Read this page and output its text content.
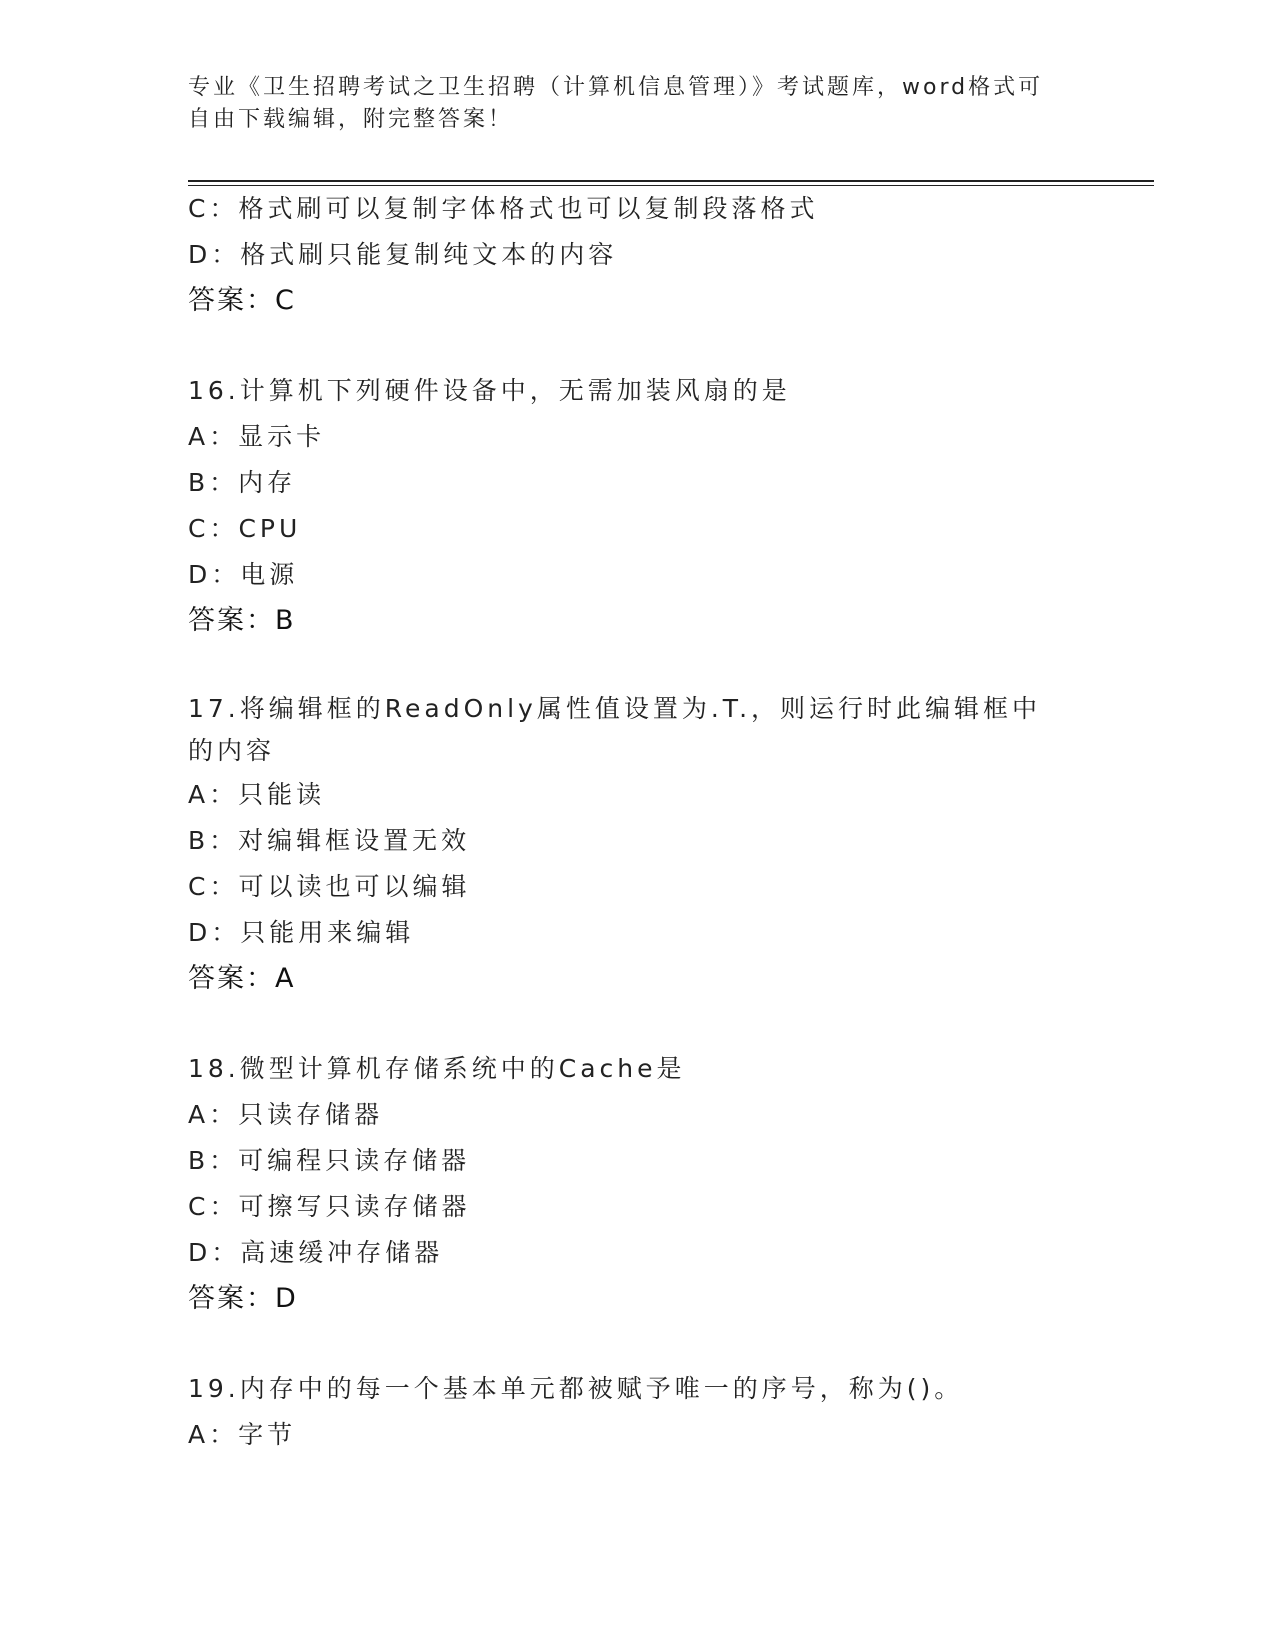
专业《卫生招聘考试之卫生招聘（计算机信息管理）》考试题库，word格式可自由下载编辑，附完整答案！
C：格式刷可以复制字体格式也可以复制段落格式
D：格式刷只能复制纯文本的内容
答案：C
16.计算机下列硬件设备中，无需加装风扇的是
A：显示卡
B：内存
C：CPU
D：电源
答案：B
17.将编辑框的ReadOnly属性值设置为.T.，则运行时此编辑框中的内容
A：只能读
B：对编辑框设置无效
C：可以读也可以编辑
D：只能用来编辑
答案：A
18.微型计算机存储系统中的Cache是
A：只读存储器
B：可编程只读存储器
C：可擦写只读存储器
D：高速缓冲存储器
答案：D
19.内存中的每一个基本单元都被赋予唯一的序号，称为()。
A：字节
